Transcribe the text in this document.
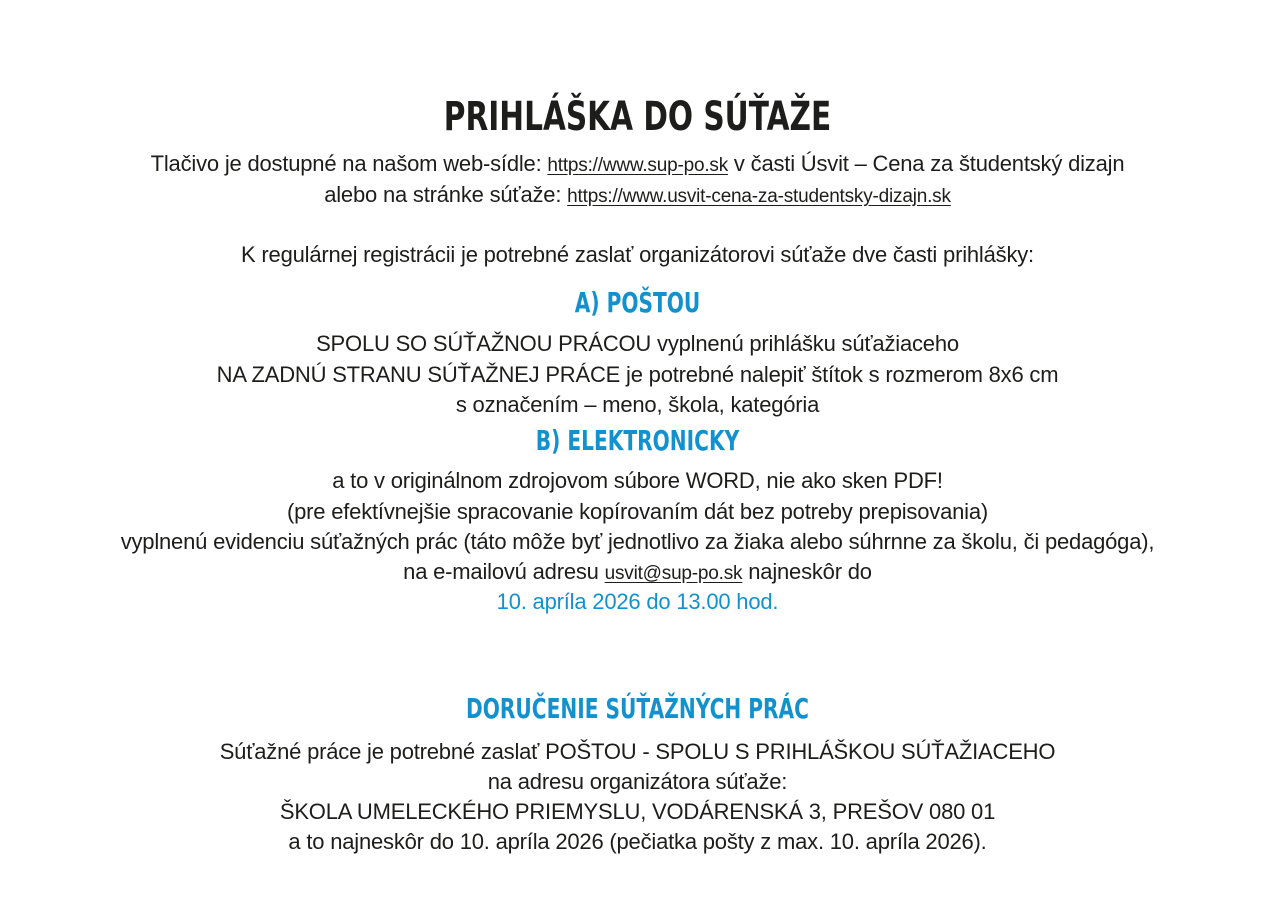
PRIHLÁŠKA DO SÚŤAŽE
Tlačivo je dostupné na našom web-sídle: https://www.sup-po.sk v časti Úsvit – Cena za študentský dizajn
alebo na stránke súťaže: https://www.usvit-cena-za-studentsky-dizajn.sk
K regulárnej registrácii je potrebné zaslať organizátorovi súťaže dve časti prihlášky:
A) POŠTOU
SPOLU SO SÚŤAŽNOU PRÁCOU vyplnenú prihlášku súťažiaceho
NA ZADNÚ STRANU SÚŤAŽNEJ PRÁCE je potrebné nalepiť štítok s rozmerom 8x6 cm
s označením – meno, škola, kategória
B) ELEKTRONICKY
a to v originálnom zdrojovom súbore WORD, nie ako sken PDF!
(pre efektívnejšie spracovanie kopírovaním dát bez potreby prepisovania)
vyplnenú evidenciu súťažných prác (táto môže byť jednotlivo za žiaka alebo súhrnne za školu, či pedagóga),
na e-mailovú adresu usvit@sup-po.sk najneskôr do
10. apríla 2026 do 13.00 hod.
DORUČENIE SÚŤAŽNÝCH PRÁC
Súťažné práce je potrebné zaslať POŠTOU - SPOLU S PRIHLÁŠKOU SÚŤAŽIACEHO
na adresu organizátora súťaže:
ŠKOLA UMELECKÉHO PRIEMYSLU, VODÁRENSKÁ 3, PREŠOV 080 01
a to najneskôr do 10. apríla 2026 (pečiatka pošty z max. 10. apríla 2026).
